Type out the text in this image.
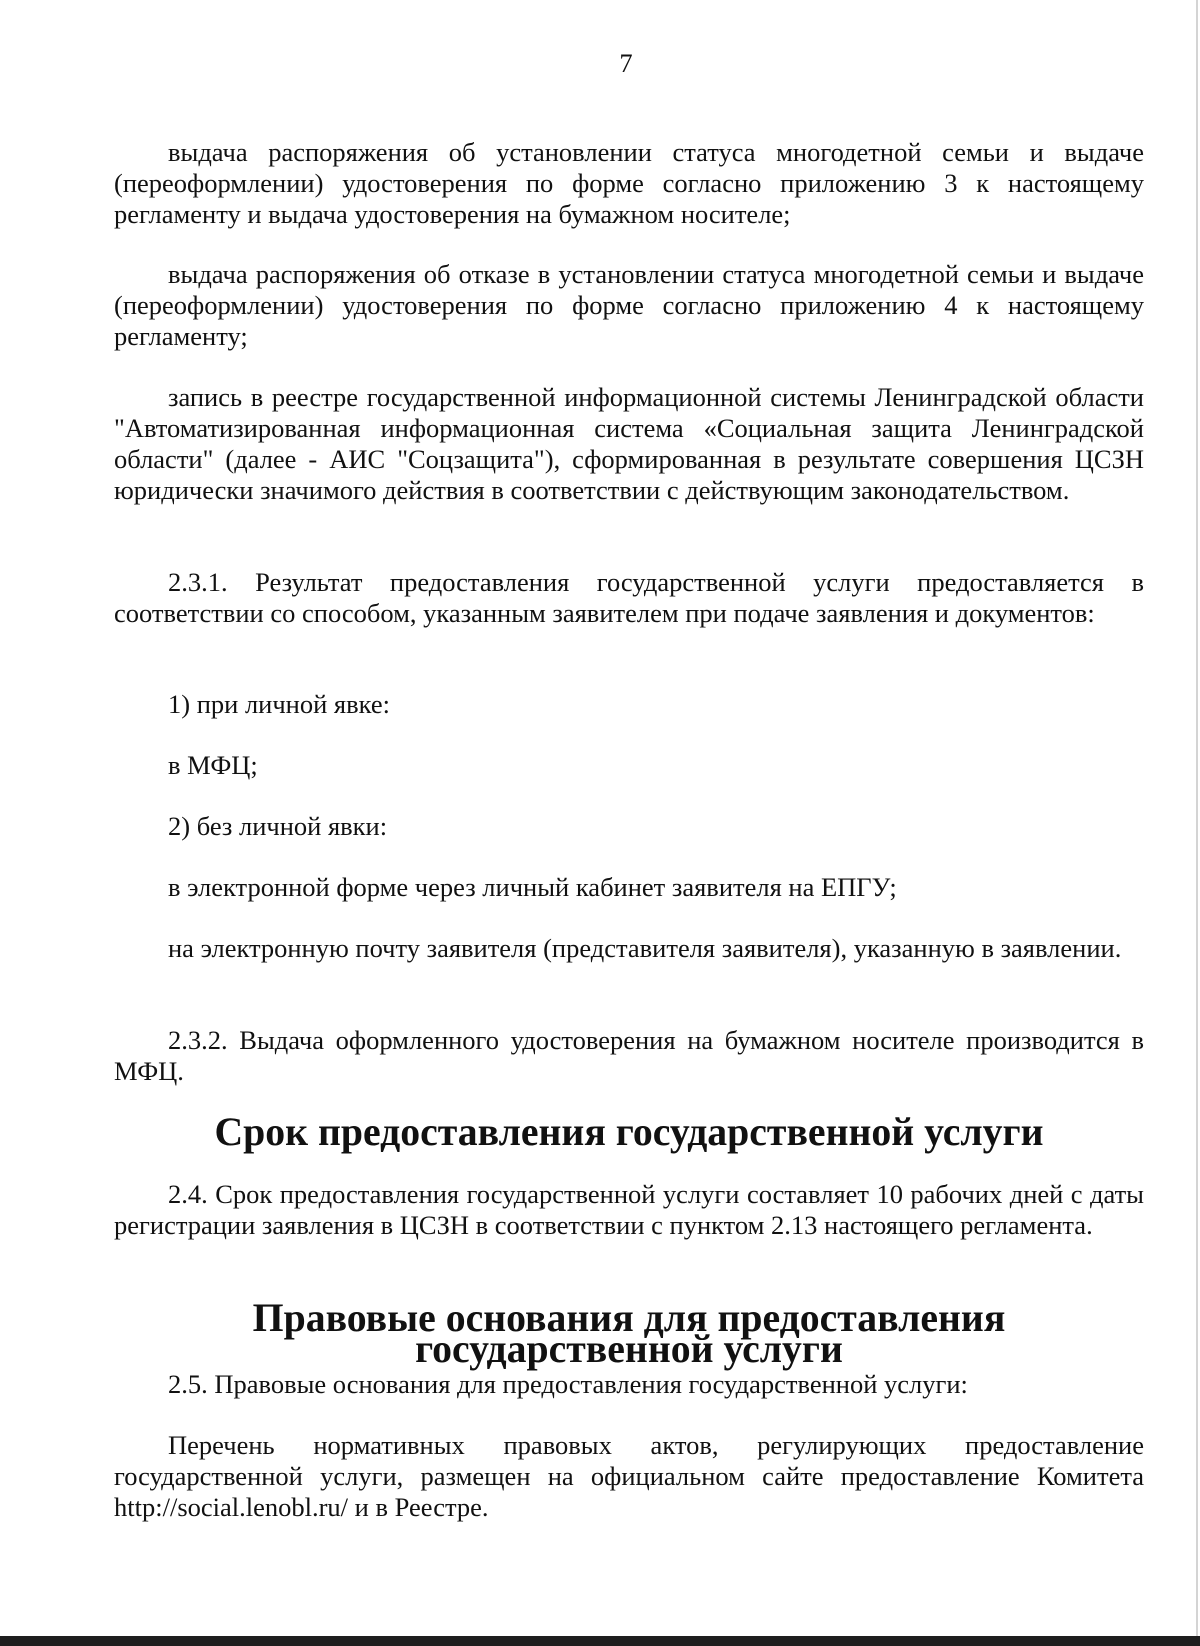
7

выдача распоряжения об установлении статуса многодетной семьи и выдаче (переоформлении) удостоверения по форме согласно приложению 3 к настоящему регламенту и выдача удостоверения на бумажном носителе;

выдача распоряжения об отказе в установлении статуса многодетной семьи и выдаче (переоформлении) удостоверения по форме согласно приложению 4 к настоящему регламенту;

запись в реестре государственной информационной системы Ленинградской области "Автоматизированная информационная система «Социальная защита Ленинградской области" (далее - АИС "Соцзащита"), сформированная в результате совершения ЦСЗН юридически значимого действия в соответствии с действующим законодательством.

2.3.1. Результат предоставления государственной услуги предоставляется в соответствии со способом, указанным заявителем при подаче заявления и документов:

1) при личной явке:

в МФЦ;

2) без личной явки:

в электронной форме через личный кабинет заявителя на ЕПГУ;

на электронную почту заявителя (представителя заявителя), указанную в заявлении.

2.3.2. Выдача оформленного удостоверения на бумажном носителе производится в МФЦ.

Срок предоставления государственной услуги

2.4. Срок предоставления государственной услуги составляет 10 рабочих дней с даты регистрации заявления в ЦСЗН в соответствии с пунктом 2.13 настоящего регламента.

Правовые основания для предоставления государственной услуги

2.5. Правовые основания для предоставления государственной услуги:

Перечень нормативных правовых актов, регулирующих предоставление государственной услуги, размещен на официальном сайте предоставление Комитета http://social.lenobl.ru/ и в Реестре.
